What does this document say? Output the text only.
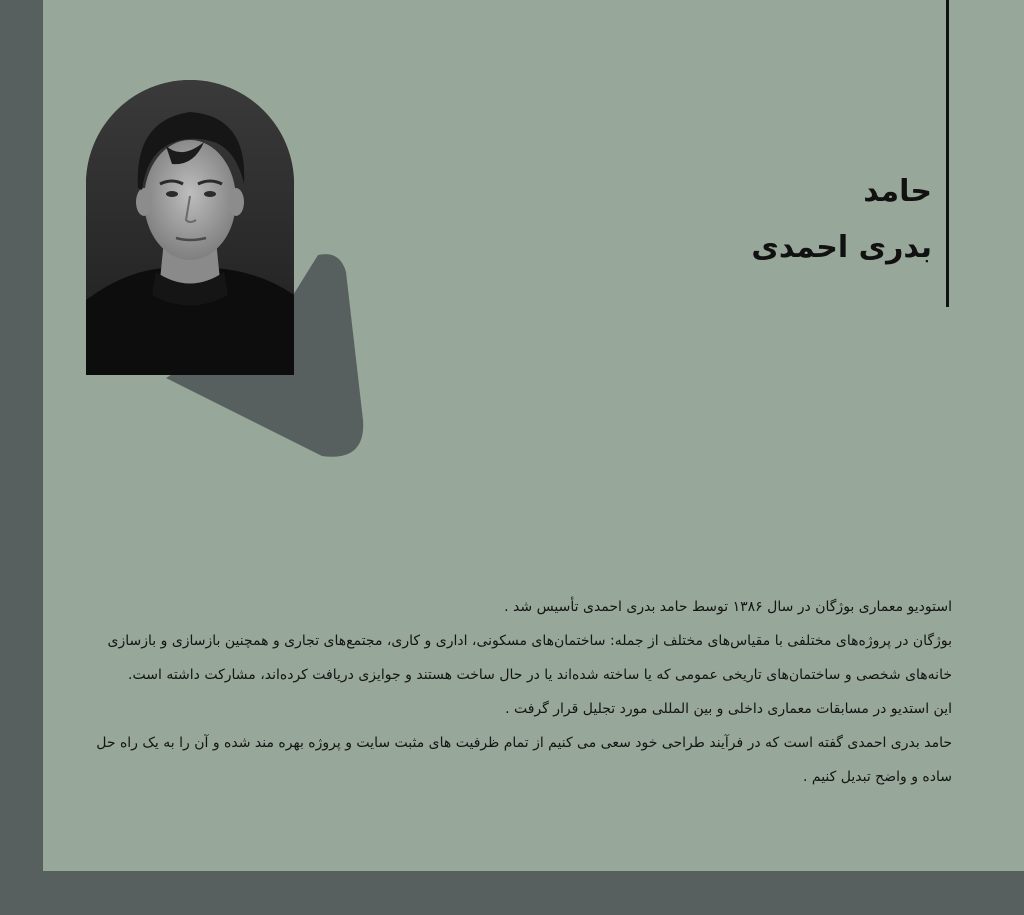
حامد
بدری احمدی

استودیو معماری بوژگان در سال ۱۳۸۶ توسط حامد بدری احمدی تأسیس شد .

بوژگان در پروژه‌های مختلفی با مقیاس‌های مختلف از جمله: ساختمان‌های مسکونی، اداری و کاری، مجتمع‌های تجاری و همچنین بازسازی و بازسازی خانه‌های شخصی و ساختمان‌های تاریخی عمومی که یا ساخته شده‌اند یا در حال ساخت هستند و جوایزی دریافت کرده‌اند، مشارکت داشته است.

این استدیو در مسابقات معماری داخلی و بین المللی مورد تجلیل قرار گرفت .

حامد بدری احمدی گفته است که در فرآیند طراحی خود سعی می کنیم از تمام ظرفیت های مثبت سایت و پروژه بهره مند شده و آن را به یک راه حل ساده و واضح تبدیل کنیم .
